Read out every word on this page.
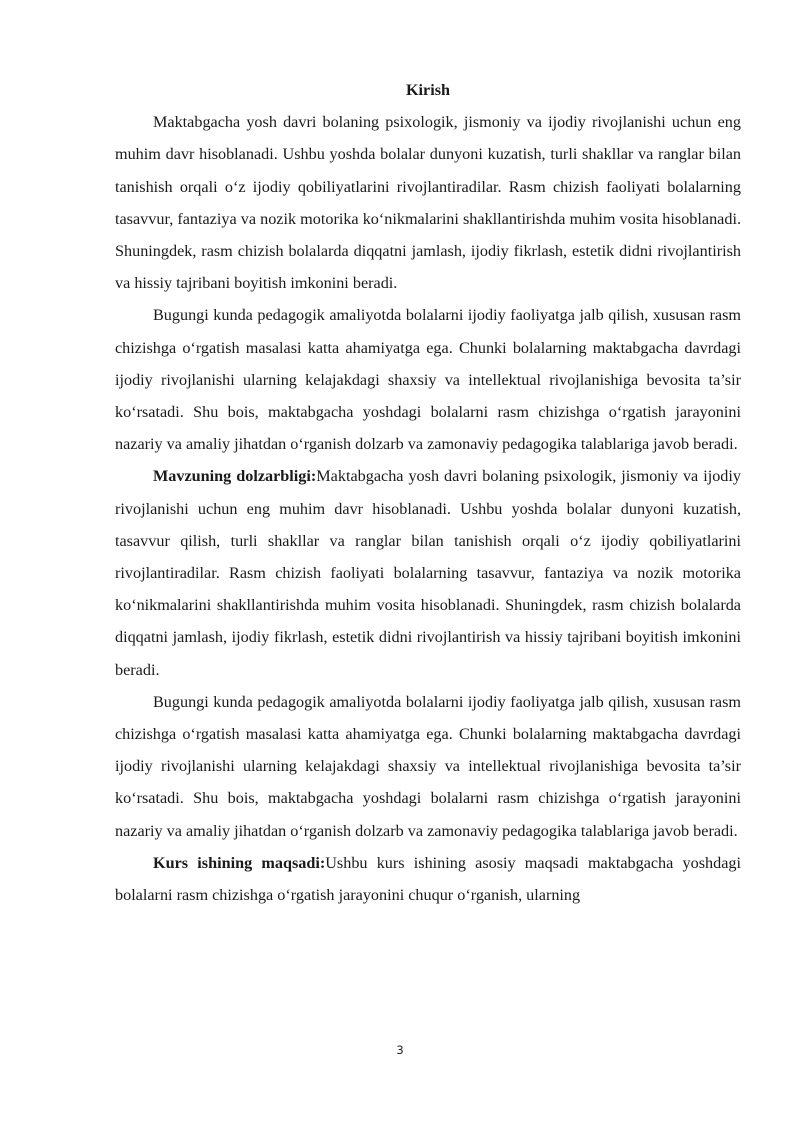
Kirish

Maktabgacha yosh davri bolaning psixologik, jismoniy va ijodiy rivojlanishi uchun eng muhim davr hisoblanadi. Ushbu yoshda bolalar dunyoni kuzatish, turli shakllar va ranglar bilan tanishish orqali o‘z ijodiy qobiliyatlarini rivojlantiradilar. Rasm chizish faoliyati bolalarning tasavvur, fantaziya va nozik motorika ko‘nikmalarini shakllantirishda muhim vosita hisoblanadi. Shuningdek, rasm chizish bolalarda diqqatni jamlash, ijodiy fikrlash, estetik didni rivojlantirish va hissiy tajribani boyitish imkonini beradi.

Bugungi kunda pedagogik amaliyotda bolalarni ijodiy faoliyatga jalb qilish, xususan rasm chizishga o‘rgatish masalasi katta ahamiyatga ega. Chunki bolalarning maktabgacha davrdagi ijodiy rivojlanishi ularning kelajakdagi shaxsiy va intellektual rivojlanishiga bevosita ta’sir ko‘rsatadi. Shu bois, maktabgacha yoshdagi bolalarni rasm chizishga o‘rgatish jarayonini nazariy va amaliy jihatdan o‘rganish dolzarb va zamonaviy pedagogika talablariga javob beradi.

Mavzuning dolzarbligi:Maktabgacha yosh davri bolaning psixologik, jismoniy va ijodiy rivojlanishi uchun eng muhim davr hisoblanadi. Ushbu yoshda bolalar dunyoni kuzatish, tasavvur qilish, turli shakllar va ranglar bilan tanishish orqali o‘z ijodiy qobiliyatlarini rivojlantiradilar. Rasm chizish faoliyati bolalarning tasavvur, fantaziya va nozik motorika ko‘nikmalarini shakllantirishda muhim vosita hisoblanadi. Shuningdek, rasm chizish bolalarda diqqatni jamlash, ijodiy fikrlash, estetik didni rivojlantirish va hissiy tajribani boyitish imkonini beradi.

Bugungi kunda pedagogik amaliyotda bolalarni ijodiy faoliyatga jalb qilish, xususan rasm chizishga o‘rgatish masalasi katta ahamiyatga ega. Chunki bolalarning maktabgacha davrdagi ijodiy rivojlanishi ularning kelajakdagi shaxsiy va intellektual rivojlanishiga bevosita ta’sir ko‘rsatadi. Shu bois, maktabgacha yoshdagi bolalarni rasm chizishga o‘rgatish jarayonini nazariy va amaliy jihatdan o‘rganish dolzarb va zamonaviy pedagogika talablariga javob beradi.

Kurs ishining maqsadi:Ushbu kurs ishining asosiy maqsadi maktabgacha yoshdagi bolalarni rasm chizishga o‘rgatish jarayonini chuqur o‘rganish, ularning

3
